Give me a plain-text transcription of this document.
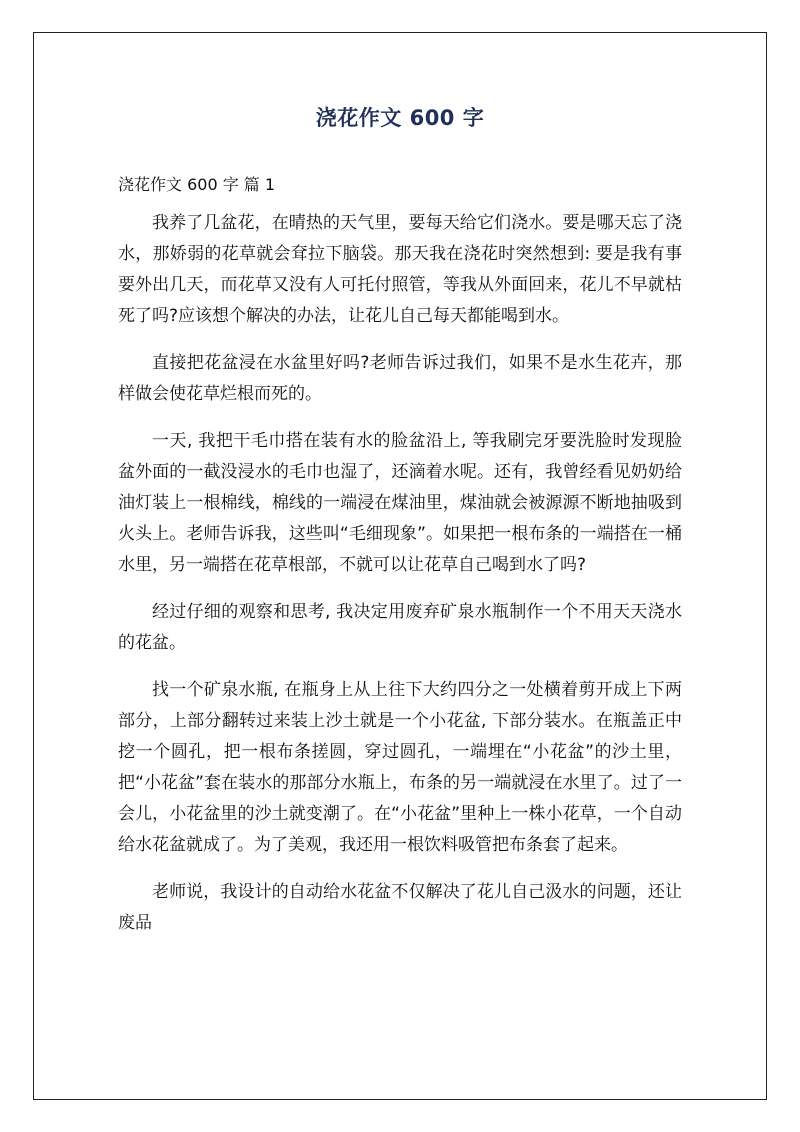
浇花作文 600 字
浇花作文 600 字 篇 1

我养了几盆花，在晴热的天气里，要每天给它们浇水。要是哪天忘了浇水，那娇弱的花草就会耷拉下脑袋。那天我在浇花时突然想到: 要是我有事要外出几天，而花草又没有人可托付照管，等我从外面回来，花儿不早就枯死了吗?应该想个解决的办法，让花儿自己每天都能喝到水。

直接把花盆浸在水盆里好吗?老师告诉过我们，如果不是水生花卉，那样做会使花草烂根而死的。

一天, 我把干毛巾搭在装有水的脸盆沿上, 等我刷完牙要洗脸时发现脸盆外面的一截没浸水的毛巾也湿了，还滴着水呢。还有，我曾经看见奶奶给油灯装上一根棉线，棉线的一端浸在煤油里，煤油就会被源源不断地抽吸到火头上。老师告诉我，这些叫“毛细现象”。如果把一根布条的一端搭在一桶水里，另一端搭在花草根部，不就可以让花草自己喝到水了吗?

经过仔细的观察和思考, 我决定用废弃矿泉水瓶制作一个不用天天浇水的花盆。

找一个矿泉水瓶, 在瓶身上从上往下大约四分之一处横着剪开成上下两部分，上部分翻转过来装上沙土就是一个小花盆, 下部分装水。在瓶盖正中挖一个圆孔，把一根布条搓圆，穿过圆孔，一端埋在“小花盆”的沙土里，把“小花盆”套在装水的那部分水瓶上，布条的另一端就浸在水里了。过了一会儿，小花盆里的沙土就变潮了。在“小花盆”里种上一株小花草，一个自动给水花盆就成了。为了美观，我还用一根饮料吸管把布条套了起来。

老师说，我设计的自动给水花盆不仅解决了花儿自己汲水的问题，还让废品
